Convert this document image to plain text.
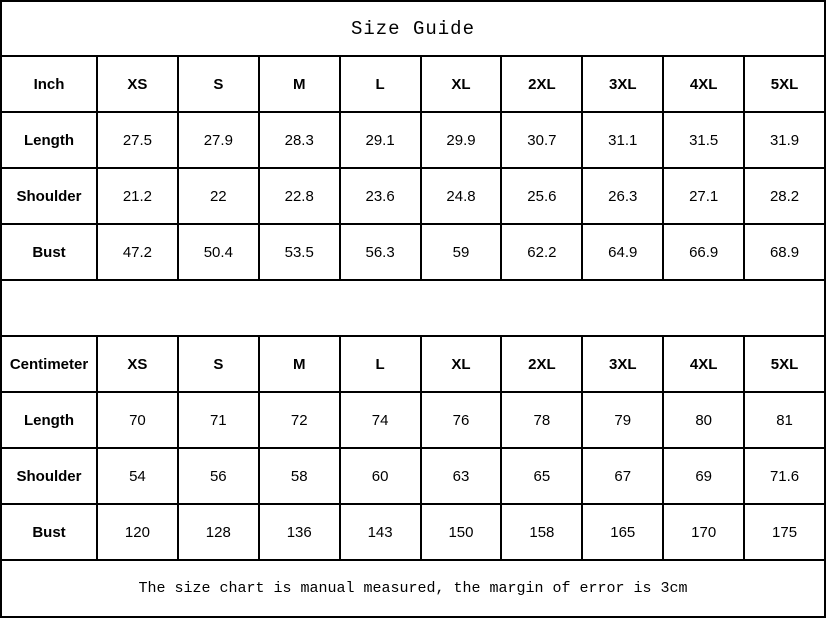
Size Guide
Inch	XS	S	M	L	XL	2XL	3XL	4XL	5XL
Length	27.5	27.9	28.3	29.1	29.9	30.7	31.1	31.5	31.9
Shoulder	21.2	22	22.8	23.6	24.8	25.6	26.3	27.1	28.2
Bust	47.2	50.4	53.5	56.3	59	62.2	64.9	66.9	68.9
Centimeter	XS	S	M	L	XL	2XL	3XL	4XL	5XL
Length	70	71	72	74	76	78	79	80	81
Shoulder	54	56	58	60	63	65	67	69	71.6
Bust	120	128	136	143	150	158	165	170	175
The size chart is manual measured, the margin of error is 3cm
